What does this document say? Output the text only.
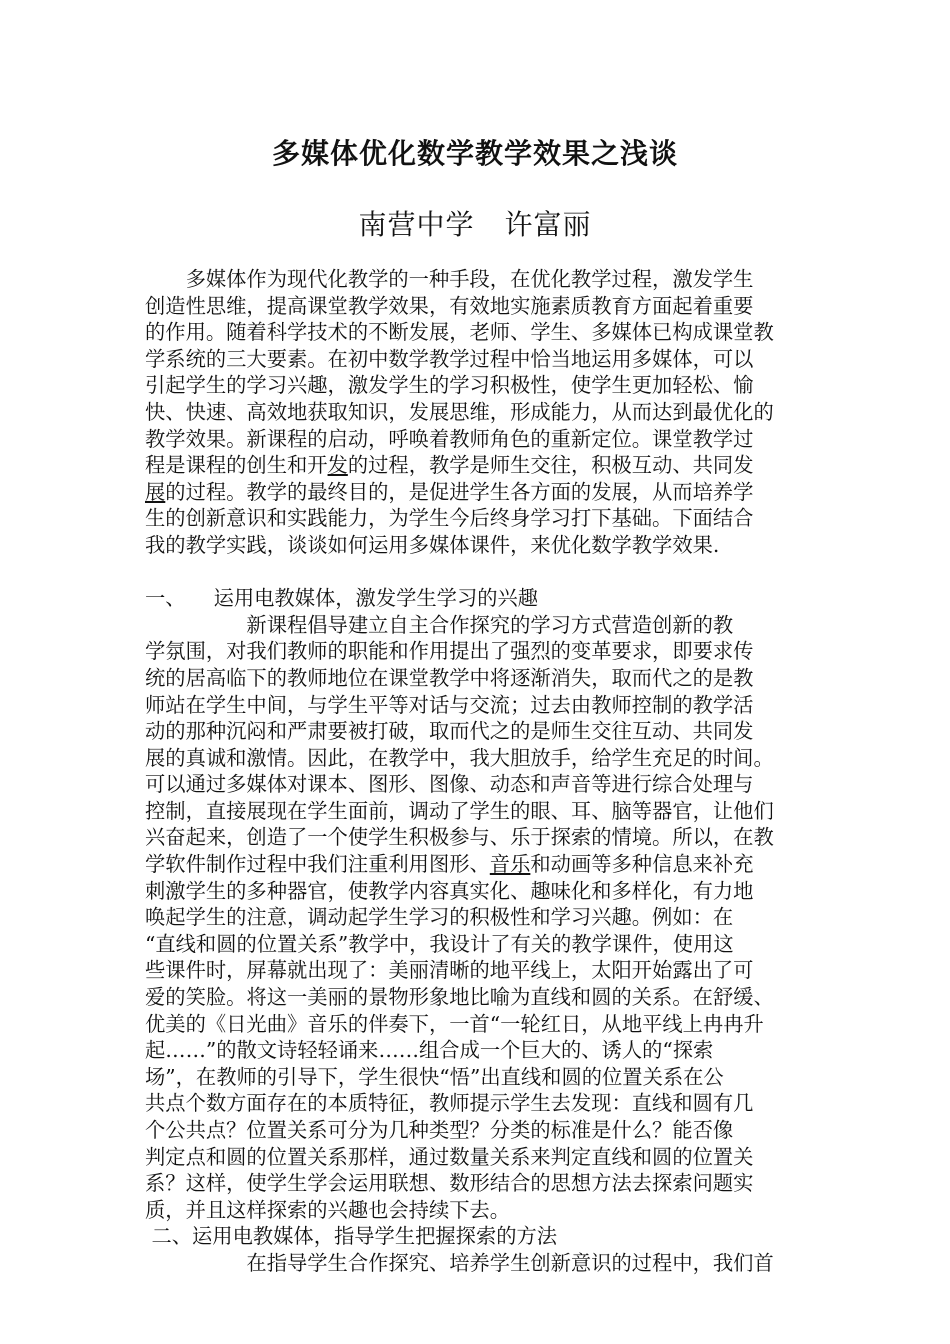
多媒体优化数学教学效果之浅谈
南营中学 许富丽
　　多媒体作为现代化教学的一种手段，在优化教学过程，激发学生
创造性思维，提高课堂教学效果，有效地实施素质教育方面起着重要
的作用。随着科学技术的不断发展，老师、学生、多媒体已构成课堂教
学系统的三大要素。在初中数学教学过程中恰当地运用多媒体，可以
引起学生的学习兴趣，激发学生的学习积极性，使学生更加轻松、愉
快、快速、高效地获取知识，发展思维，形成能力，从而达到最优化的
教学效果。新课程的启动，呼唤着教师角色的重新定位。课堂教学过
程是课程的创生和开发的过程，教学是师生交往，积极互动、共同发
展的过程。教学的最终目的，是促进学生各方面的发展，从而培养学
生的创新意识和实践能力，为学生今后终身学习打下基础。下面结合
我的教学实践，谈谈如何运用多媒体课件，来优化数学教学效果.
一、 运用电教媒体，激发学生学习的兴趣
　　　　　新课程倡导建立自主合作探究的学习方式营造创新的教
学氛围，对我们教师的职能和作用提出了强烈的变革要求，即要求传
统的居高临下的教师地位在课堂教学中将逐渐消失，取而代之的是教
师站在学生中间，与学生平等对话与交流；过去由教师控制的教学活
动的那种沉闷和严肃要被打破，取而代之的是师生交往互动、共同发
展的真诚和激情。因此，在教学中，我大胆放手，给学生充足的时间。
可以通过多媒体对课本、图形、图像、动态和声音等进行综合处理与
控制，直接展现在学生面前，调动了学生的眼、耳、脑等器官，让他们
兴奋起来，创造了一个使学生积极参与、乐于探索的情境。所以，在教
学软件制作过程中我们注重利用图形、音乐和动画等多种信息来补充
刺激学生的多种器官，使教学内容真实化、趣味化和多样化，有力地
唤起学生的注意，调动起学生学习的积极性和学习兴趣。例如：在
“直线和圆的位置关系”教学中，我设计了有关的教学课件，使用这
些课件时，屏幕就出现了：美丽清晰的地平线上，太阳开始露出了可
爱的笑脸。将这一美丽的景物形象地比喻为直线和圆的关系。在舒缓、
优美的《日光曲》音乐的伴奏下，一首“一轮红日，从地平线上冉冉升
起……”的散文诗轻轻诵来……组合成一个巨大的、诱人的“探索
场”，在教师的引导下，学生很快“悟”出直线和圆的位置关系在公
共点个数方面存在的本质特征，教师提示学生去发现：直线和圆有几
个公共点？位置关系可分为几种类型？分类的标准是什么？能否像
判定点和圆的位置关系那样，通过数量关系来判定直线和圆的位置关
系？这样，使学生学会运用联想、数形结合的思想方法去探索问题实
质，并且这样探索的兴趣也会持续下去。
二、运用电教媒体，指导学生把握探索的方法
　　　　　在指导学生合作探究、培养学生创新意识的过程中，我们首
